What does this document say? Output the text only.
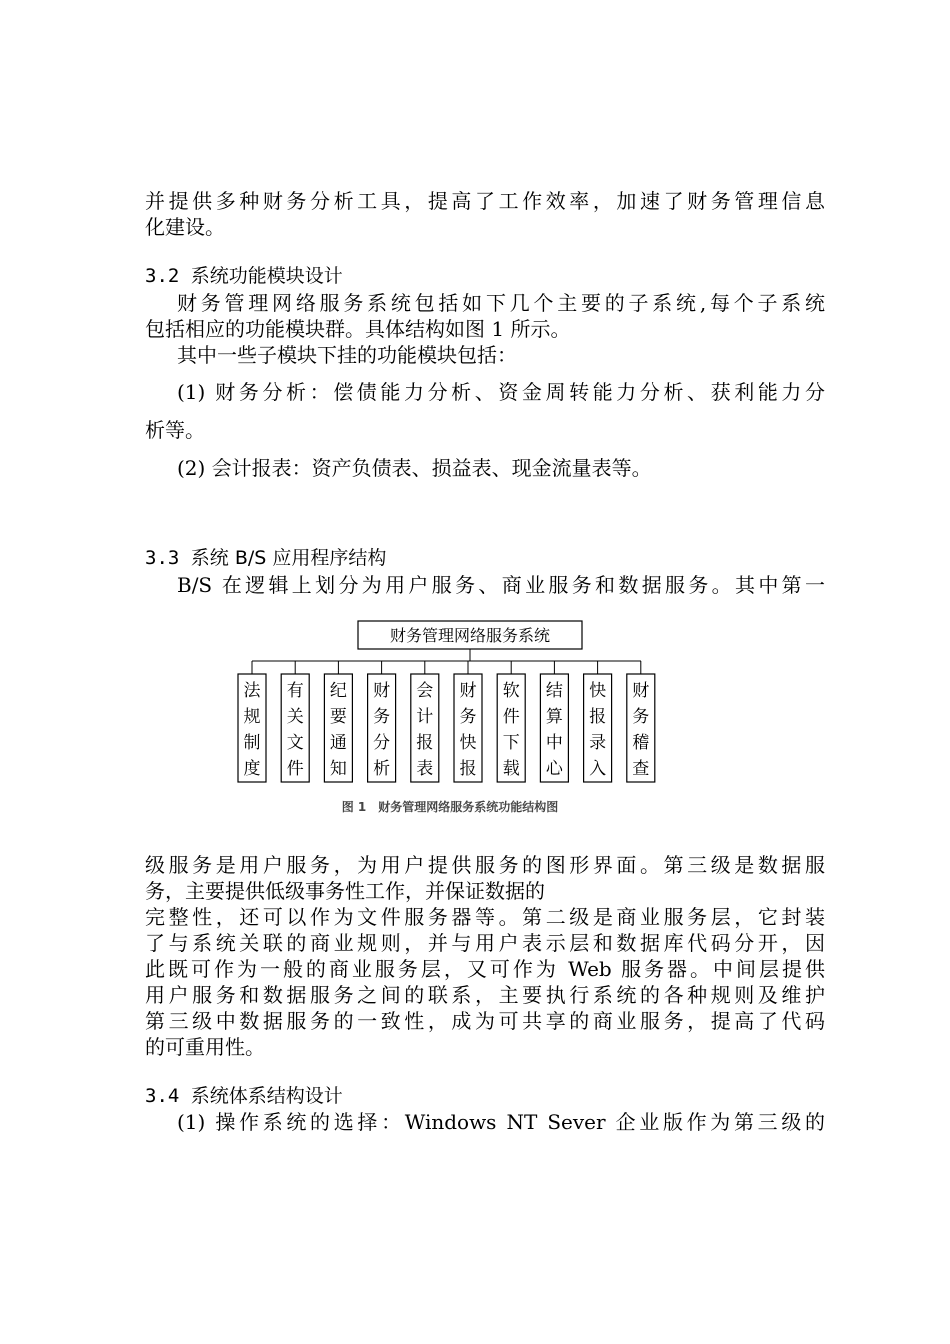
并提供多种财务分析工具，提高了工作效率，加速了财务管理信息
化建设。
3.2 系统功能模块设计
财务管理网络服务系统包括如下几个主要的子系统,每个子系统
包括相应的功能模块群。具体结构如图 1 所示。
其中一些子模块下挂的功能模块包括：
(1) 财务分析：偿债能力分析、资金周转能力分析、获利能力分
析等。
(2) 会计报表：资产负债表、损益表、现金流量表等。
3.3 系统 B/S 应用程序结构
B/S 在逻辑上划分为用户服务、商业服务和数据服务。其中第一
财务管理网络服务系统
法
规
制
度
有
关
文
件
纪
要
通
知
财
务
分
析
会
计
报
表
财
务
快
报
软
件
下
载
结
算
中
心
快
报
录
入
财
务
稽
查
图 1　财务管理网络服务系统功能结构图
级服务是用户服务，为用户提供服务的图形界面。第三级是数据服
务，主要提供低级事务性工作，并保证数据的
完整性，还可以作为文件服务器等。第二级是商业服务层，它封装
了与系统关联的商业规则，并与用户表示层和数据库代码分开，因
此既可作为一般的商业服务层，又可作为 Web 服务器。中间层提供
用户服务和数据服务之间的联系，主要执行系统的各种规则及维护
第三级中数据服务的一致性，成为可共享的商业服务，提高了代码
的可重用性。
3.4 系统体系结构设计
(1) 操作系统的选择：Windows NT Sever 企业版作为第三级的
